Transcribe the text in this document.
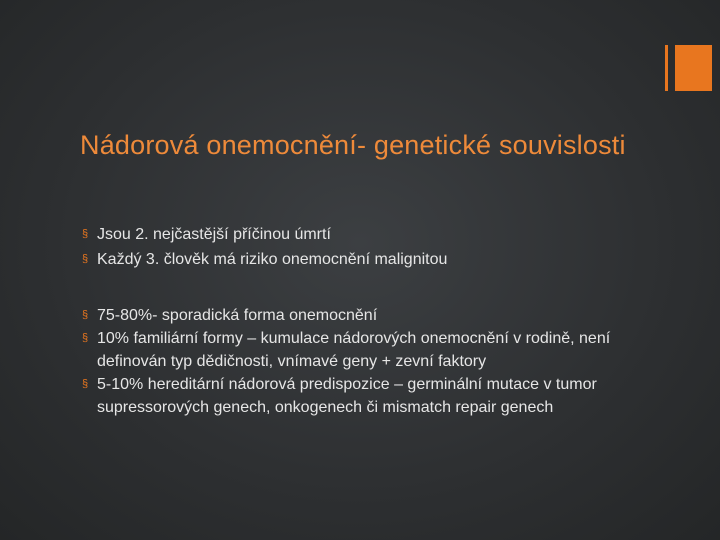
Nádorová onemocnění- genetické souvislosti
§ Jsou 2. nejčastější příčinou úmrtí
§ Každý 3. člověk má riziko onemocnění malignitou
§ 75-80%- sporadická forma onemocnění
§ 10% familiární formy – kumulace nádorových onemocnění v rodině, není definován typ dědičnosti, vnímavé geny + zevní faktory
§ 5-10% hereditární nádorová predispozice – germinální mutace v tumor supressorových genech, onkogenech či mismatch repair genech
